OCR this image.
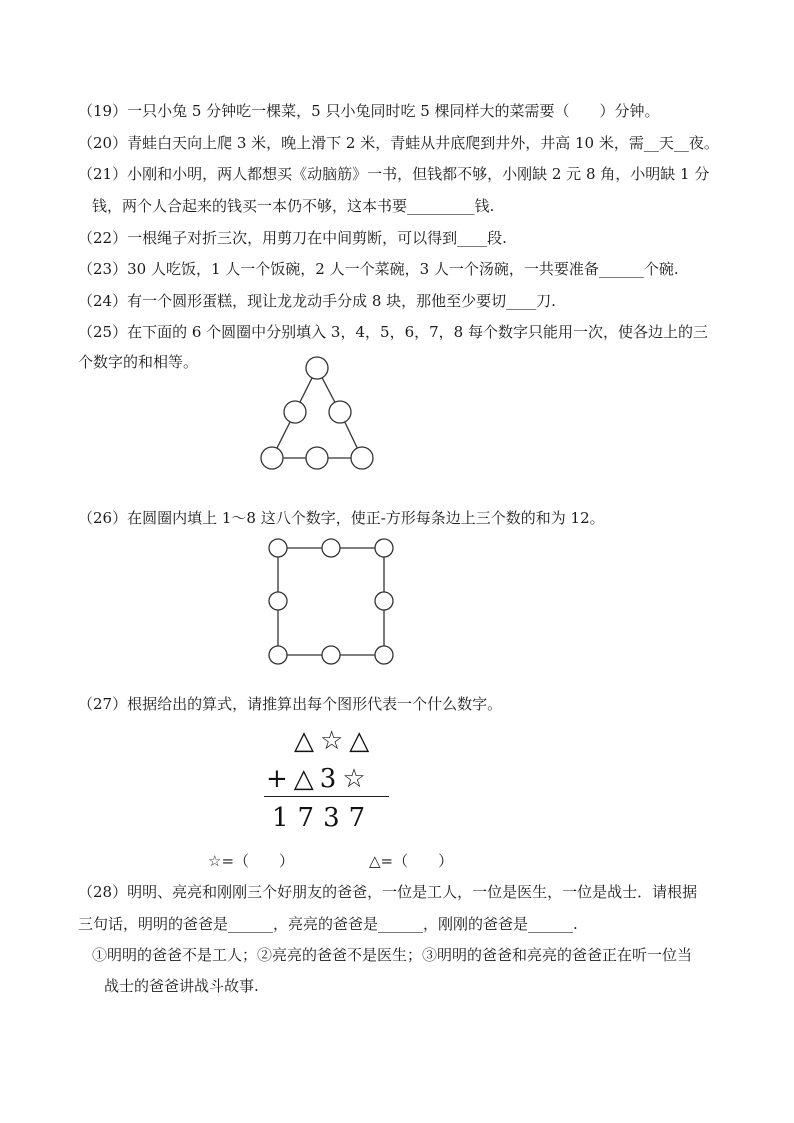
（19）一只小兔 5 分钟吃一棵菜，5 只小兔同时吃 5 棵同样大的菜需要（　　）分钟。
（20）青蛙白天向上爬 3 米，晚上滑下 2 米，青蛙从井底爬到井外，井高 10 米，需__天__夜。
（21）小刚和小明，两人都想买《动脑筋》一书，但钱都不够，小刚缺 2 元 8 角，小明缺 1 分
钱，两个人合起来的钱买一本仍不够，这本书要_________钱.
（22）一根绳子对折三次，用剪刀在中间剪断，可以得到____段.
（23）30 人吃饭，1 人一个饭碗，2 人一个菜碗，3 人一个汤碗，一共要准备______个碗.
（24）有一个圆形蛋糕，现让龙龙动手分成 8 块，那他至少要切____刀.
（25）在下面的 6 个圆圈中分别填入 3，4，5，6，7，8 每个数字只能用一次，使各边上的三
个数字的和相等。
（26）在圆圈内填上 1～8 这八个数字，使正-方形每条边上三个数的和为 12。
（27）根据给出的算式，请推算出每个图形代表一个什么数字。
△☆△
+△3☆
1737
☆=（　　）	△=（　　）
（28）明明、亮亮和刚刚三个好朋友的爸爸，一位是工人，一位是医生，一位是战士．请根据
三句话，明明的爸爸是______，亮亮的爸爸是______，刚刚的爸爸是______.
①明明的爸爸不是工人；②亮亮的爸爸不是医生；③明明的爸爸和亮亮的爸爸正在听一位当
战士的爸爸讲战斗故事.
